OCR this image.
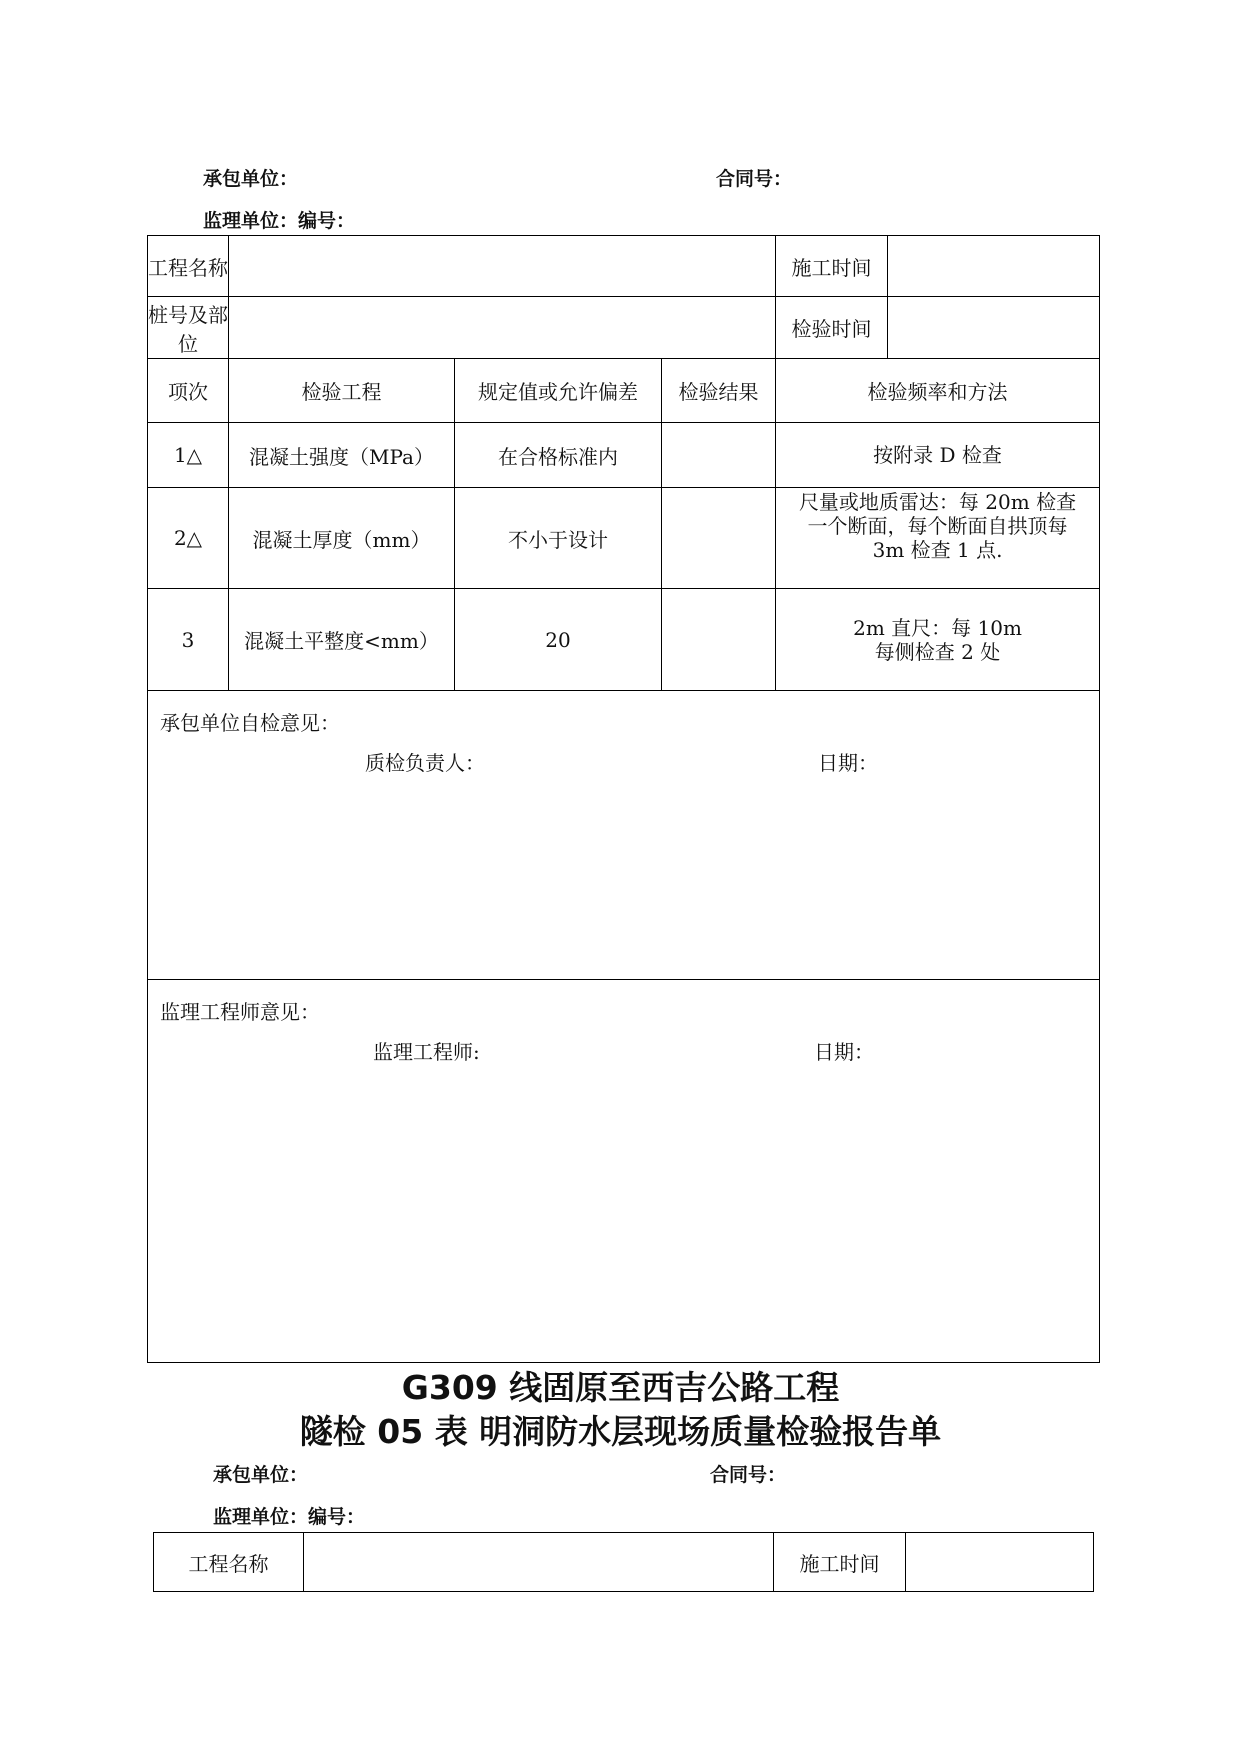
承包单位：	合同号：
监理单位：编号：
工程名称				施工时间	
桩号及部位				检验时间	
项次	检验工程	规定值或允许偏差	检验结果	检验频率和方法	
1△	混凝土强度（MPa）	在合格标准内		按附录 D 检查	

2△	混凝土厚度（mm）	不小于设计		尺量或地质雷达：每 20m 检查
一个断面，每个断面自拱顶每
3m 检查 1 点.	

3	混凝土平整度<mm）	20		2m 直尺：每 10m
每侧检查 2 处	

承包单位自检意见：
质检负责人： 日期：					

监理工程师意见：
监理工程师: 日期：					
G309 线固原至西吉公路工程
隧检 05 表 明洞防水层现场质量检验报告单
承包单位：	合同号：
监理单位：编号：
工程名称		施工时间	
